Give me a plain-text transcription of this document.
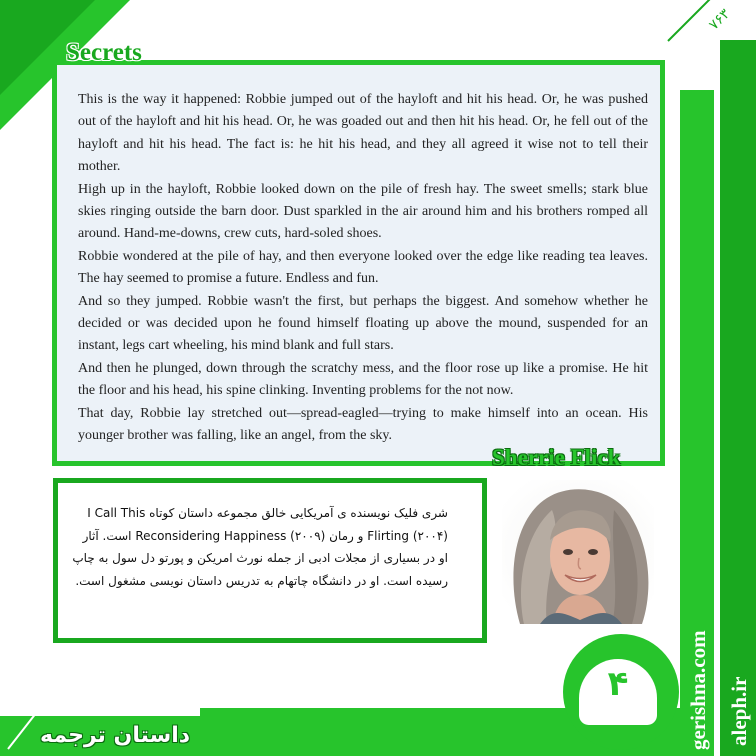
۴
Secrets

This is the way it happened: Robbie jumped out of the hayloft and hit his head. Or, he was pushed out of the hayloft and hit his head. Or, he was goaded out and then hit his head. Or, he fell out of the hayloft and hit his head. The fact is: he hit his head, and they all agreed it wise not to tell their mother.

High up in the hayloft, Robbie looked down on the pile of fresh hay. The sweet smells; stark blue skies ringing outside the barn door. Dust sparkled in the air around him and his brothers romped all around. Hand-me-downs, crew cuts, hard-soled shoes.

Robbie wondered at the pile of hay, and then everyone looked over the edge like reading tea leaves. The hay seemed to promise a future. Endless and fun.

And so they jumped. Robbie wasn't the first, but perhaps the biggest. And somehow whether he decided or was decided upon he found himself floating up above the mound, suspended for an instant, legs cart wheeling, his mind blank and full stars.

And then he plunged, down through the scratchy mess, and the floor rose up like a promise. He hit the floor and his head, his spine clinking. Inventing problems for the not now.

That day, Robbie lay stretched out—spread-eagled—trying to make himself into an ocean. His younger brother was falling, like an angel, from the sky.

Sherrie Flick
شری فلیک نویسنده ی آمریکایی خالق مجموعه داستان کوتاه I Call This Flirting (۲۰۰۴) و رمان Reconsidering Happiness (۲۰۰۹) است. آثار او در بسیاری از مجلات ادبی از جمله نورث امریکن و پورتو دل سول به چاپ رسیده است. او در دانشگاه چاتهام به تدریس داستان نویسی مشغول است.
داستان ترجمه
۷۶۳
gerishna.com aleph.ir
